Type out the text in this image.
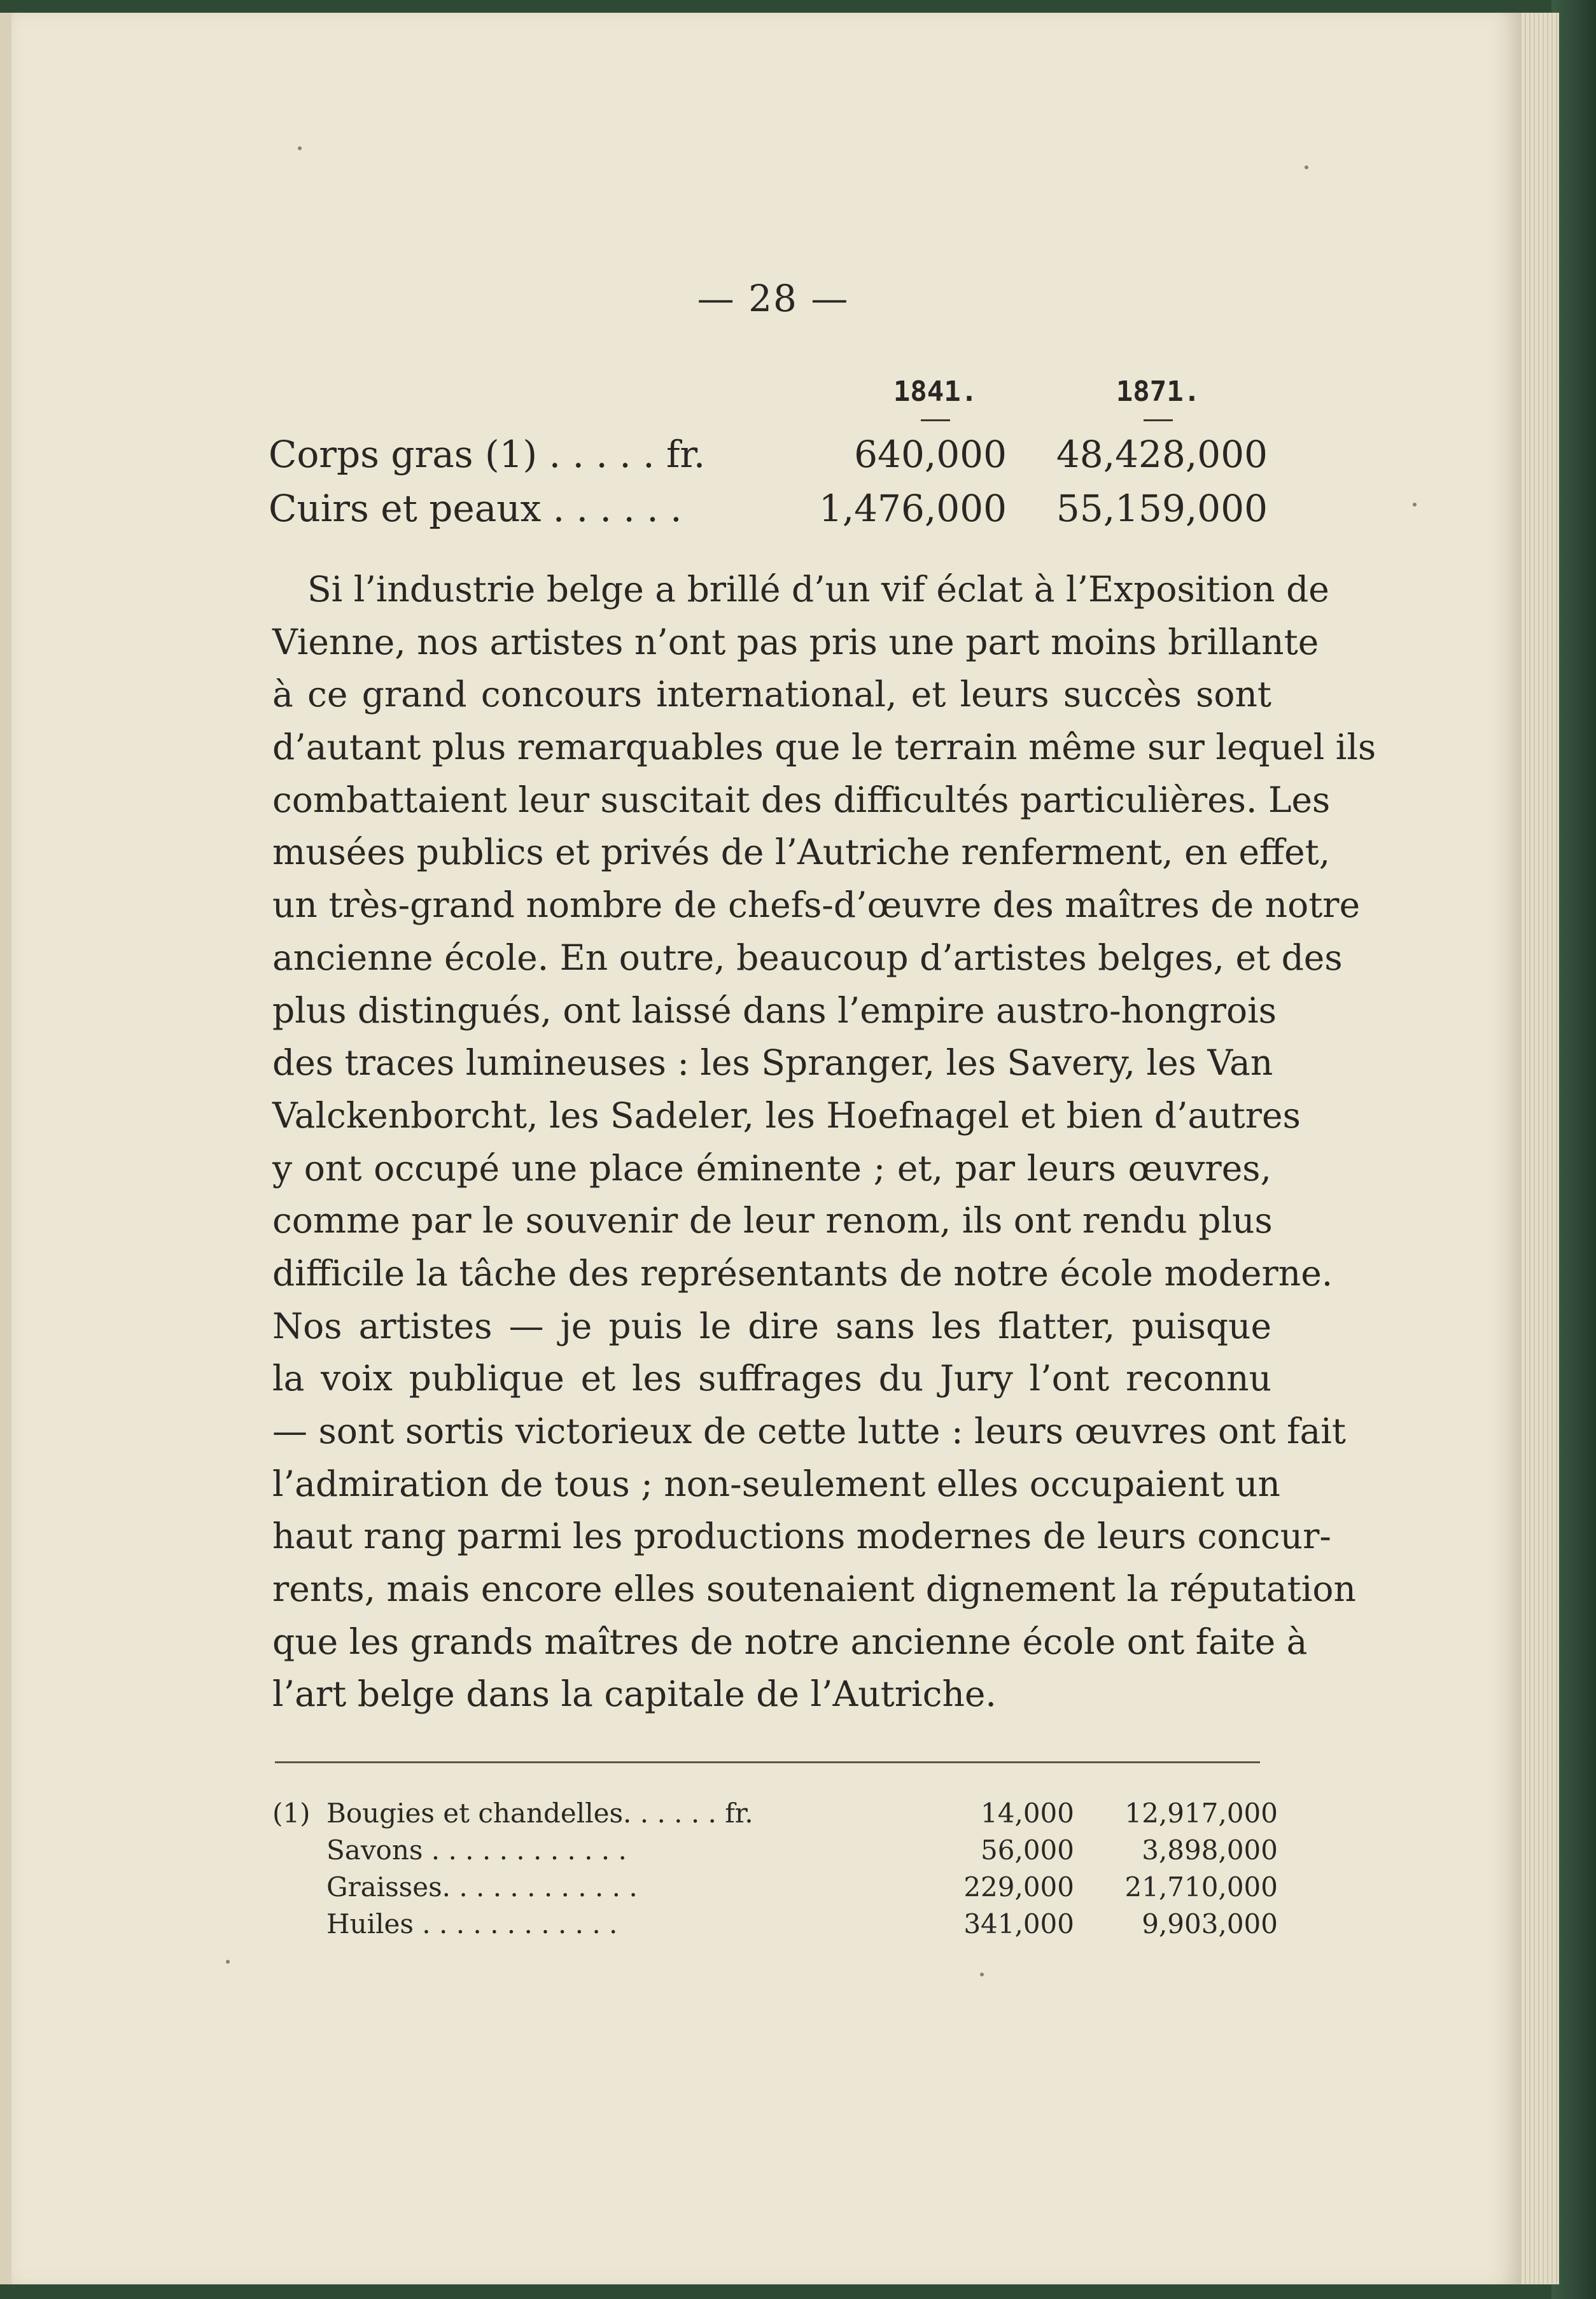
— 28 —
1841.	1871.
Corps gras (1) . . . . . fr.	640,000 48,428,000
Cuirs et peaux . . . . . .	1,476,000 55,159,000
Si l’industrie belge a brillé d’un vif éclat à l’Exposition de
Vienne, nos artistes n’ont pas pris une part moins brillante
à ce grand concours international, et leurs succès sont
d’autant plus remarquables que le terrain même sur lequel ils
combattaient leur suscitait des difficultés particulières. Les
musées publics et privés de l’Autriche renferment, en effet,
un très-grand nombre de chefs-d’œuvre des maîtres de notre
ancienne école. En outre, beaucoup d’artistes belges, et des
plus distingués, ont laissé dans l’empire austro-hongrois
des traces lumineuses : les Spranger, les Savery, les Van
Valckenborcht, les Sadeler, les Hoefnagel et bien d’autres
y ont occupé une place éminente ; et, par leurs œuvres,
comme par le souvenir de leur renom, ils ont rendu plus
difficile la tâche des représentants de notre école moderne.
Nos artistes — je puis le dire sans les flatter, puisque
la voix publique et les suffrages du Jury l’ont reconnu
— sont sortis victorieux de cette lutte : leurs œuvres ont fait
l’admiration de tous ; non-seulement elles occupaient un
haut rang parmi les productions modernes de leurs concur-
rents, mais encore elles soutenaient dignement la réputation
que les grands maîtres de notre ancienne école ont faite à
l’art belge dans la capitale de l’Autriche.
(1) Bougies et chandelles. . . . . . fr.	14,000 12,917,000
Savons . . . . . . . . . . . .	56,000	3,898,000
Graisses. . . . . . . . . . . .	229,000 21,710,000
Huiles . . . . . . . . . . . .	341,000	9,903,000
